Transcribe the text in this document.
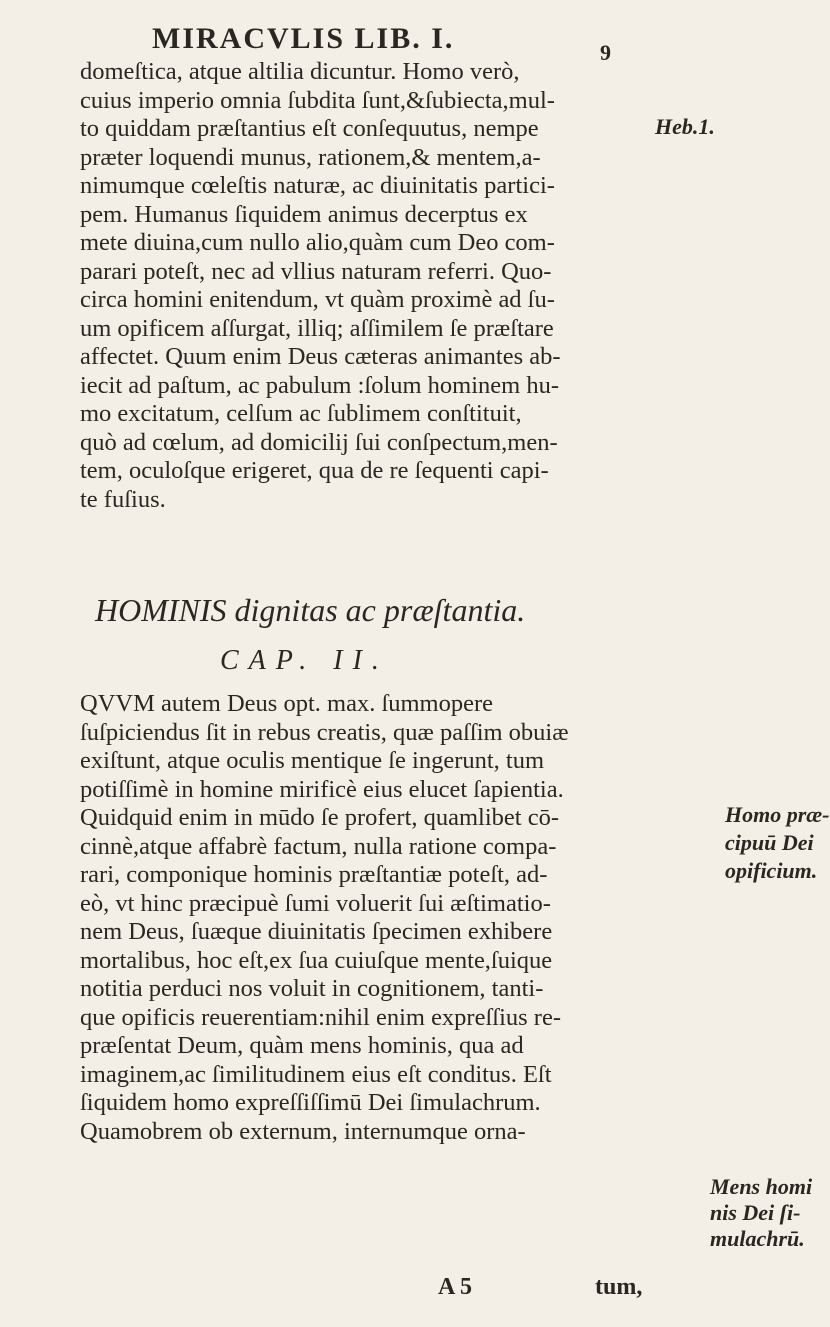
MIRACVLIS LIB. I.	9
domeſtica, atque altilia dicuntur. Homo verò,
cuius imperio omnia ſubdita ſunt,&ſubiecta,mul-
to quiddam præſtantius eſt conſequutus, nempe
præter loquendi munus, rationem,& mentem,a-
nimumque cœleſtis naturæ, ac diuinitatis partici-
pem. Humanus ſiquidem animus decerptus ex
mete diuina,cum nullo alio,quàm cum Deo com-
parari poteſt, nec ad vllius naturam referri. Quo-
circa homini enitendum, vt quàm proximè ad ſu-
um opificem aſſurgat, illiq; aſſimilem ſe præſtare
affectet. Quum enim Deus cæteras animantes ab-
iecit ad paſtum, ac pabulum :ſolum hominem hu-
mo excitatum, celſum ac ſublimem conſtituit,
quò ad cœlum, ad domicilij ſui conſpectum,men-
tem, oculoſque erigeret, qua de re ſequenti capi-
te fuſius.
Heb.1.
HOMINIS dignitas ac præſtantia.
CAP. II.
QVVM autem Deus opt. max. ſummopere
ſuſpiciendus ſit in rebus creatis, quæ paſſim obuiæ
exiſtunt, atque oculis mentique ſe ingerunt, tum
potiſſimè in homine mirificè eius elucet ſapientia.
Quidquid enim in mūdo ſe profert, quamlibet cō-
cinnè,atque affabrè factum, nulla ratione compa-
rari, componique hominis præſtantiæ poteſt, ad-
eò, vt hinc præcipuè ſumi voluerit ſui æſtimatio-
nem Deus, ſuæque diuinitatis ſpecimen exhibere
mortalibus, hoc eſt,ex ſua cuiuſque mente,ſuique
notitia perduci nos voluit in cognitionem, tanti-
que opificis reuerentiam:nihil enim expreſſius re-
præſentat Deum, quàm mens hominis, qua ad
imaginem,ac ſimilitudinem eius eſt conditus. Eſt
ſiquidem homo expreſſiſſimū Dei ſimulachrum.
Quamobrem ob externum, internumque orna-
Homo præ-
cipuū Dei
opificium.
Mens homi
nis Dei ſi-
mulachrū.
A 5	tum,
